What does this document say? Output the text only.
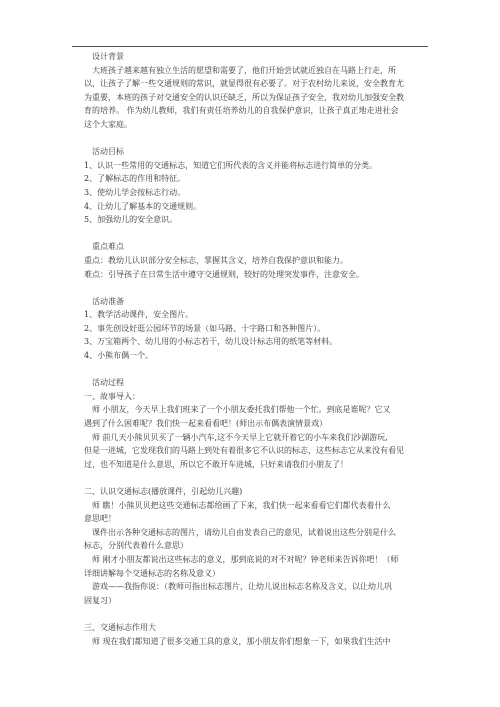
设计背景
大班孩子越来越有独立生活的愿望和需要了，他们开始尝试就近独自在马路上行走，所
以，让孩子了解一些交通规则的常识，就显得很有必要了。对于农村幼儿来说，安全教育尤
为重要，本班的孩子对交通安全的认识还缺乏，所以为保证孩子安全，我对幼儿加强安全教
育的培养。 作为幼儿教师，我们有责任培养幼儿的自我保护意识，让孩子真正地走进社会
这个大家庭。
活动目标
1、认识一些常用的交通标志，知道它们所代表的含义并能将标志进行简单的分类。
2、了解标志的作用和特征。
3、使幼儿学会按标志行动。
4、让幼儿了解基本的交通规则。
5、加强幼儿的安全意识。
重点难点
重点：教幼儿认识部分安全标志，掌握其含义，培养自我保护意识和能力。
难点：引导孩子在日常生活中遵守交通规则，较好的处理突发事件，注意安全。
活动准备
1、教学活动课件，安全图片。
2、事先创设好逛公园环节的场景（如马路、十字路口和各种图片）。
3、万宝箱两个、幼儿用的小标志若干，幼儿设计标志用的纸笔等材料。
4、小熊布偶一个。
活动过程
一、故事导入：
师 小朋友，今天早上我们班来了一个小朋友委托我们帮他一个忙。到底是谁呢？它又
遇到了什么困难呢？我们快一起来看看吧！(师出示布偶表演情景戏）
师 前几天小熊贝贝买了一辆小汽车,这不今天早上它就开着它的小车来我们沙湖游玩,
但是一进城，它发现我们的马路上到处有着很多它不认识的标志，这些标志它从来没有看见
过，也不知道是什么意思，所以它不敢开车进城，只好来请我们小朋友了！
二、认识交通标志(播放课件，引起幼儿兴趣)
师 瞧！小熊贝贝把这些交通标志都给画了下来，我们快一起来看看它们都代表着什么
意思吧！
课件出示各种交通标志的图片，请幼儿自由发表自己的意见，试着说出这些分别是什么
标志，分别代表着什么意思）
师 刚才小朋友都说出这些标志的意义，那到底说的对不对呢？钟老师来告诉你吧！（师
详细讲解每个交通标志的名称及意义）
游戏——我指你说：（教师可指出标志图片，让幼儿说出标志名称及含义，以让幼儿巩
固复习）
三、交通标志作用大
师 现在我们都知道了很多交通工具的意义，那小朋友你们想象一下，如果我们生活中
